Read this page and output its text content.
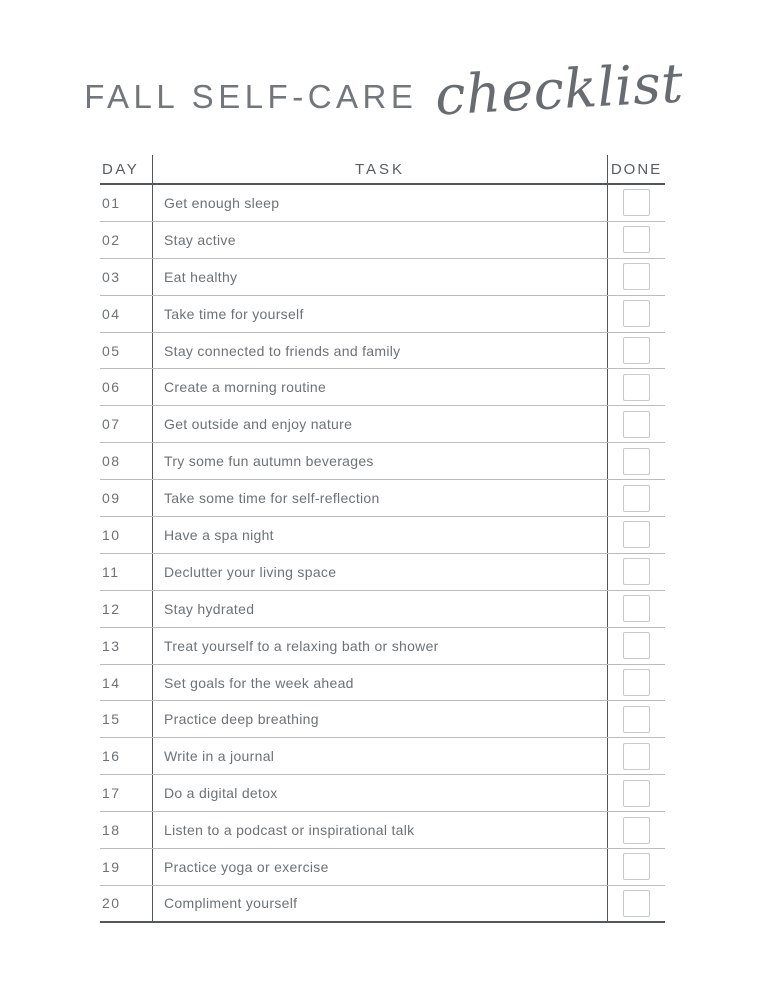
FALL SELF-CARE checklist
DAY	TASK	DONE
01	Get enough sleep
02	Stay active
03	Eat healthy
04	Take time for yourself
05	Stay connected to friends and family
06	Create a morning routine
07	Get outside and enjoy nature
08	Try some fun autumn beverages
09	Take some time for self-reflection
10	Have a spa night
11	Declutter your living space
12	Stay hydrated
13	Treat yourself to a relaxing bath or shower
14	Set goals for the week ahead
15	Practice deep breathing
16	Write in a journal
17	Do a digital detox
18	Listen to a podcast or inspirational talk
19	Practice yoga or exercise
20	Compliment yourself
